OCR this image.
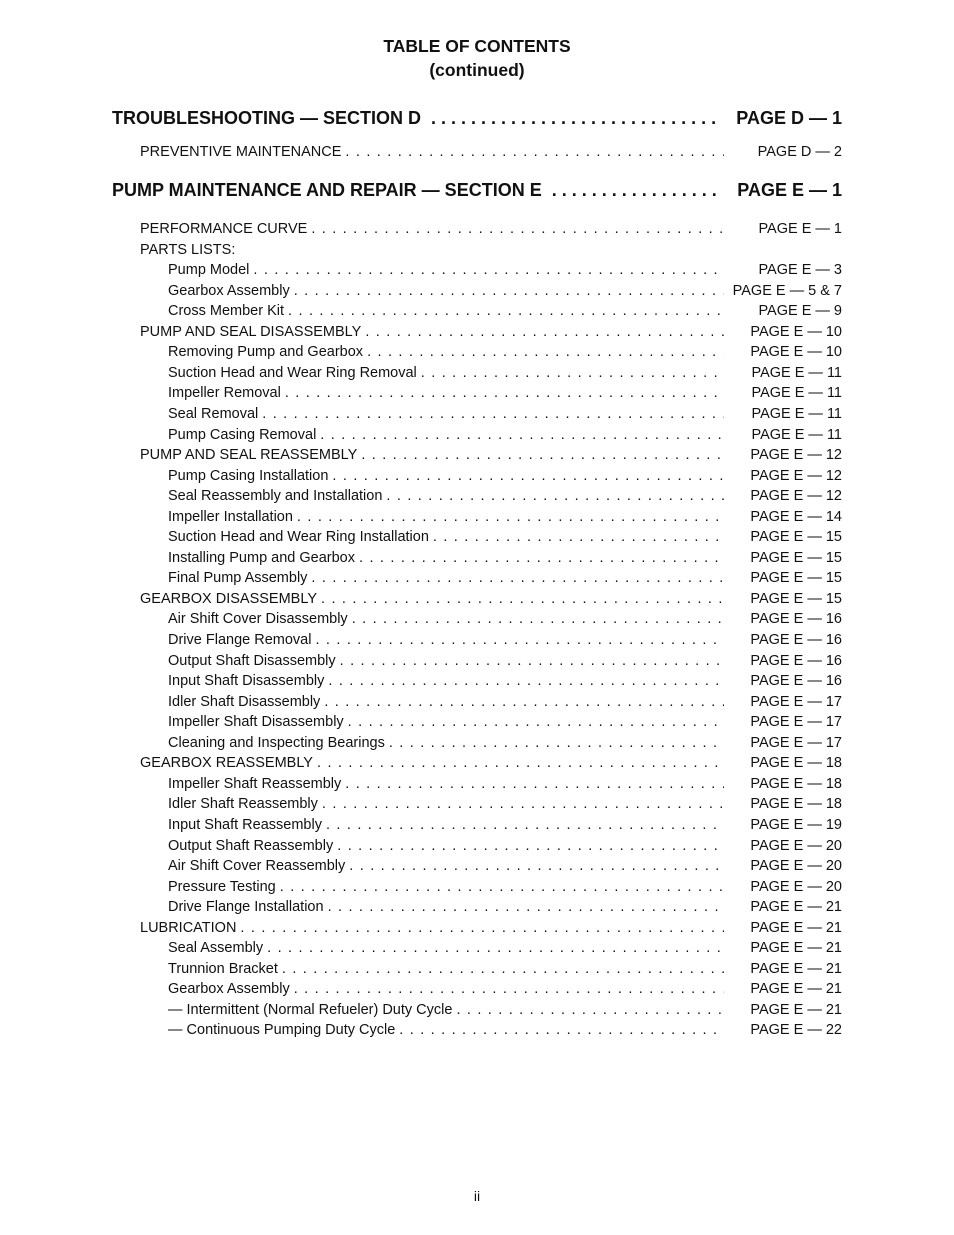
TABLE OF CONTENTS
(continued)
TROUBLESHOOTING — SECTION D . . .	PAGE D — 1
PREVENTIVE MAINTENANCE . . .	PAGE D — 2
PUMP MAINTENANCE AND REPAIR — SECTION E . . .	PAGE E — 1
PERFORMANCE CURVE . . .	PAGE E — 1
PARTS LISTS:
Pump Model . . .	PAGE E — 3
Gearbox Assembly . . .	PAGE E — 5 & 7
Cross Member Kit . . .	PAGE E — 9
PUMP AND SEAL DISASSEMBLY . . .	PAGE E — 10
Removing Pump and Gearbox . . .	PAGE E — 10
Suction Head and Wear Ring Removal . . .	PAGE E — 11
Impeller Removal . . .	PAGE E — 11
Seal Removal . . .	PAGE E — 11
Pump Casing Removal . . .	PAGE E — 11
PUMP AND SEAL REASSEMBLY . . .	PAGE E — 12
Pump Casing Installation . . .	PAGE E — 12
Seal Reassembly and Installation . . .	PAGE E — 12
Impeller Installation . . .	PAGE E — 14
Suction Head and Wear Ring Installation . . .	PAGE E — 15
Installing Pump and Gearbox . . .	PAGE E — 15
Final Pump Assembly . . .	PAGE E — 15
GEARBOX DISASSEMBLY . . .	PAGE E — 15
Air Shift Cover Disassembly . . .	PAGE E — 16
Drive Flange Removal . . .	PAGE E — 16
Output Shaft Disassembly . . .	PAGE E — 16
Input Shaft Disassembly . . .	PAGE E — 16
Idler Shaft Disassembly . . .	PAGE E — 17
Impeller Shaft Disassembly . . .	PAGE E — 17
Cleaning and Inspecting Bearings . . .	PAGE E — 17
GEARBOX REASSEMBLY . . .	PAGE E — 18
Impeller Shaft Reassembly . . .	PAGE E — 18
Idler Shaft Reassembly . . .	PAGE E — 18
Input Shaft Reassembly . . .	PAGE E — 19
Output Shaft Reassembly . . .	PAGE E — 20
Air Shift Cover Reassembly . . .	PAGE E — 20
Pressure Testing . . .	PAGE E — 20
Drive Flange Installation . . .	PAGE E — 21
LUBRICATION . . .	PAGE E — 21
Seal Assembly . . .	PAGE E — 21
Trunnion Bracket . . .	PAGE E — 21
Gearbox Assembly . . .	PAGE E — 21
— Intermittent (Normal Refueler) Duty Cycle . . .	PAGE E — 21
— Continuous Pumping Duty Cycle . . .	PAGE E — 22
ii
